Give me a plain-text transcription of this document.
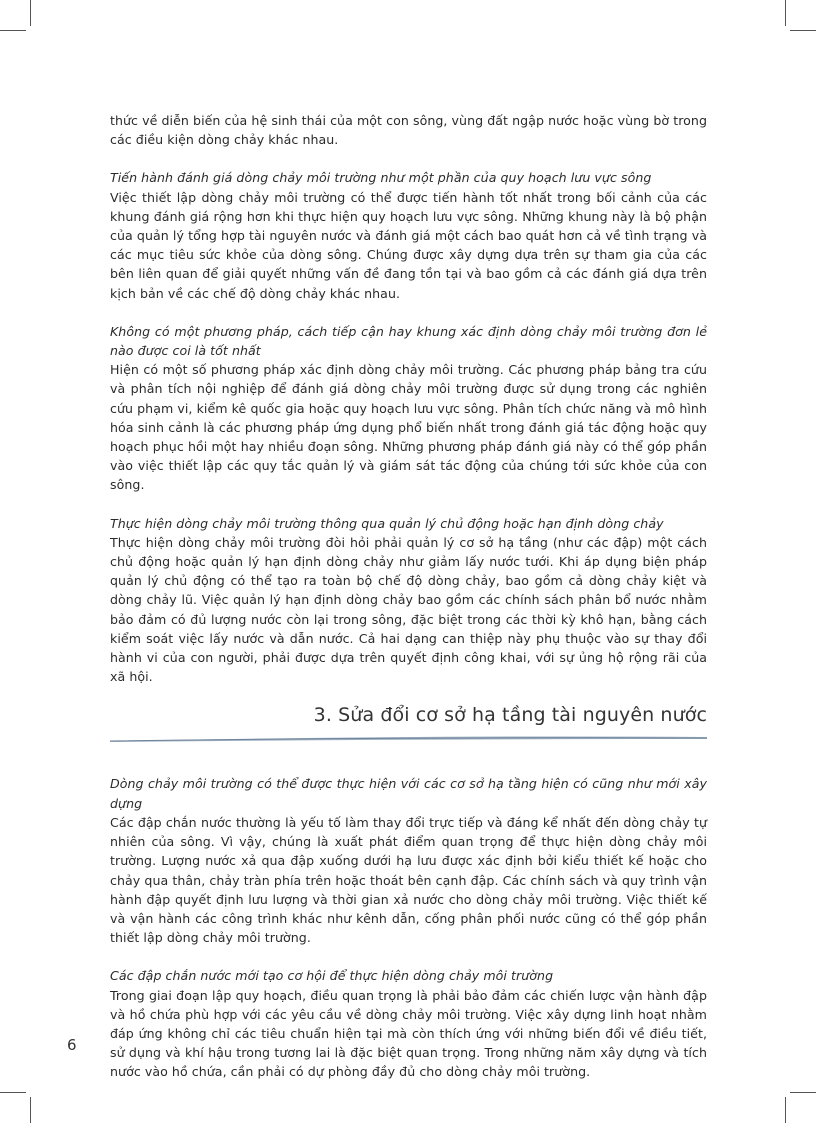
thức về diễn biến của hệ sinh thái của một con sông, vùng đất ngập nước hoặc vùng bờ trong các điều kiện dòng chảy khác nhau.

Tiến hành đánh giá dòng chảy môi trường như một phần của quy hoạch lưu vực sông

Việc thiết lập dòng chảy môi trường có thể được tiến hành tốt nhất trong bối cảnh của các khung đánh giá rộng hơn khi thực hiện quy hoạch lưu vực sông. Những khung này là bộ phận của quản lý tổng hợp tài nguyên nước và đánh giá một cách bao quát hơn cả về tình trạng và các mục tiêu sức khỏe của dòng sông. Chúng được xây dựng dựa trên sự tham gia của các bên liên quan để giải quyết những vấn đề đang tồn tại và bao gồm cả các đánh giá dựa trên kịch bản về các chế độ dòng chảy khác nhau.

Không có một phương pháp, cách tiếp cận hay khung xác định dòng chảy môi trường đơn lẻ nào được coi là tốt nhất

Hiện có một số phương pháp xác định dòng chảy môi trường. Các phương pháp bảng tra cứu và phân tích nội nghiệp để đánh giá dòng chảy môi trường được sử dụng trong các nghiên cứu phạm vi, kiểm kê quốc gia hoặc quy hoạch lưu vực sông. Phân tích chức năng và mô hình hóa sinh cảnh là các phương pháp ứng dụng phổ biến nhất trong đánh giá tác động hoặc quy hoạch phục hồi một hay nhiều đoạn sông. Những phương pháp đánh giá này có thể góp phần vào việc thiết lập các quy tắc quản lý và giám sát tác động của chúng tới sức khỏe của con sông.

Thực hiện dòng chảy môi trường thông qua quản lý chủ động hoặc hạn định dòng chảy

Thực hiện dòng chảy môi trường đòi hỏi phải quản lý cơ sở hạ tầng (như các đập) một cách chủ động hoặc quản lý hạn định dòng chảy như giảm lấy nước tưới. Khi áp dụng biện pháp quản lý chủ động có thể tạo ra toàn bộ chế độ dòng chảy, bao gồm cả dòng chảy kiệt và dòng chảy lũ. Việc quản lý hạn định dòng chảy bao gồm các chính sách phân bổ nước nhằm bảo đảm có đủ lượng nước còn lại trong sông, đặc biệt trong các thời kỳ khô hạn, bằng cách kiểm soát việc lấy nước và dẫn nước. Cả hai dạng can thiệp này phụ thuộc vào sự thay đổi hành vi của con người, phải được dựa trên quyết định công khai, với sự ủng hộ rộng rãi của xã hội.

3. Sửa đổi cơ sở hạ tầng tài nguyên nước

Dòng chảy môi trường có thể được thực hiện với các cơ sở hạ tầng hiện có cũng như mới xây dựng

Các đập chắn nước thường là yếu tố làm thay đổi trực tiếp và đáng kể nhất đến dòng chảy tự nhiên của sông. Vì vậy, chúng là xuất phát điểm quan trọng để thực hiện dòng chảy môi trường. Lượng nước xả qua đập xuống dưới hạ lưu được xác định bởi kiểu thiết kế hoặc cho chảy qua thân, chảy tràn phía trên hoặc thoát bên cạnh đập. Các chính sách và quy trình vận hành đập quyết định lưu lượng và thời gian xả nước cho dòng chảy môi trường. Việc thiết kế và vận hành các công trình khác như kênh dẫn, cống phân phối nước cũng có thể góp phần thiết lập dòng chảy môi trường.

Các đập chắn nước mới tạo cơ hội để thực hiện dòng chảy môi trường

Trong giai đoạn lập quy hoạch, điều quan trọng là phải bảo đảm các chiến lược vận hành đập và hồ chứa phù hợp với các yêu cầu về dòng chảy môi trường. Việc xây dựng linh hoạt nhằm đáp ứng không chỉ các tiêu chuẩn hiện tại mà còn thích ứng với những biến đổi về điều tiết, sử dụng và khí hậu trong tương lai là đặc biệt quan trọng. Trong những năm xây dựng và tích nước vào hồ chứa, cần phải có dự phòng đầy đủ cho dòng chảy môi trường.

6
